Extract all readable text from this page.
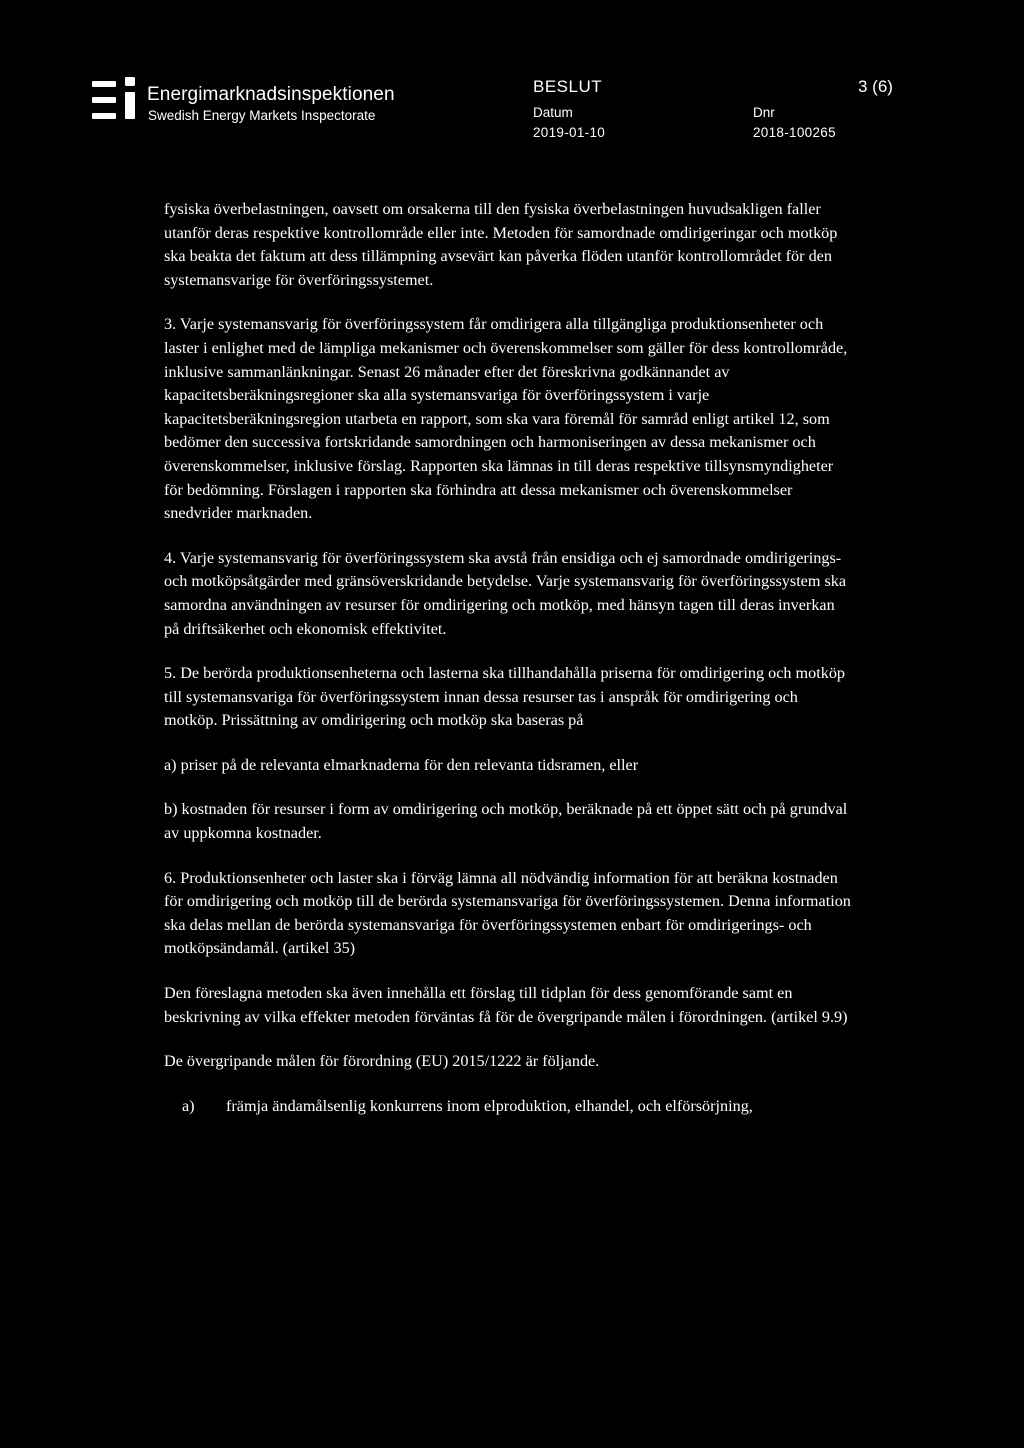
Energimarknadsinspektionen
Swedish Energy Markets Inspectorate
BESLUT	3 (6)
Datum
2019-01-10
Dnr
2018-100265

fysiska överbelastningen, oavsett om orsakerna till den fysiska överbelastningen huvudsakligen faller utanför deras respektive kontrollområde eller inte. Metoden för samordnade omdirigeringar och motköp ska beakta det faktum att dess tillämpning avsevärt kan påverka flöden utanför kontrollområdet för den systemansvarige för överföringssystemet.

3. Varje systemansvarig för överföringssystem får omdirigera alla tillgängliga produktionsenheter och laster i enlighet med de lämpliga mekanismer och överenskommelser som gäller för dess kontrollområde, inklusive sammanlänkningar. Senast 26 månader efter det föreskrivna godkännandet av kapacitetsberäkningsregioner ska alla systemansvariga för överföringssystem i varje kapacitetsberäkningsregion utarbeta en rapport, som ska vara föremål för samråd enligt artikel 12, som bedömer den successiva fortskridande samordningen och harmoniseringen av dessa mekanismer och överenskommelser, inklusive förslag. Rapporten ska lämnas in till deras respektive tillsynsmyndigheter för bedömning. Förslagen i rapporten ska förhindra att dessa mekanismer och överenskommelser snedvrider marknaden.

4. Varje systemansvarig för överföringssystem ska avstå från ensidiga och ej samordnade omdirigerings- och motköpsåtgärder med gränsöverskridande betydelse. Varje systemansvarig för överföringssystem ska samordna användningen av resurser för omdirigering och motköp, med hänsyn tagen till deras inverkan på driftsäkerhet och ekonomisk effektivitet.

5. De berörda produktionsenheterna och lasterna ska tillhandahålla priserna för omdirigering och motköp till systemansvariga för överföringssystem innan dessa resurser tas i anspråk för omdirigering och motköp. Prissättning av omdirigering och motköp ska baseras på

a) priser på de relevanta elmarknaderna för den relevanta tidsramen, eller

b) kostnaden för resurser i form av omdirigering och motköp, beräknade på ett öppet sätt och på grundval av uppkomna kostnader.

6. Produktionsenheter och laster ska i förväg lämna all nödvändig information för att beräkna kostnaden för omdirigering och motköp till de berörda systemansvariga för överföringssystemen. Denna information ska delas mellan de berörda systemansvariga för överföringssystemen enbart för omdirigerings- och motköpsändamål. (artikel 35)

Den föreslagna metoden ska även innehålla ett förslag till tidplan för dess genomförande samt en beskrivning av vilka effekter metoden förväntas få för de övergripande målen i förordningen. (artikel 9.9)

De övergripande målen för förordning (EU) 2015/1222 är följande.

a) främja ändamålsenlig konkurrens inom elproduktion, elhandel, och elförsörjning,
